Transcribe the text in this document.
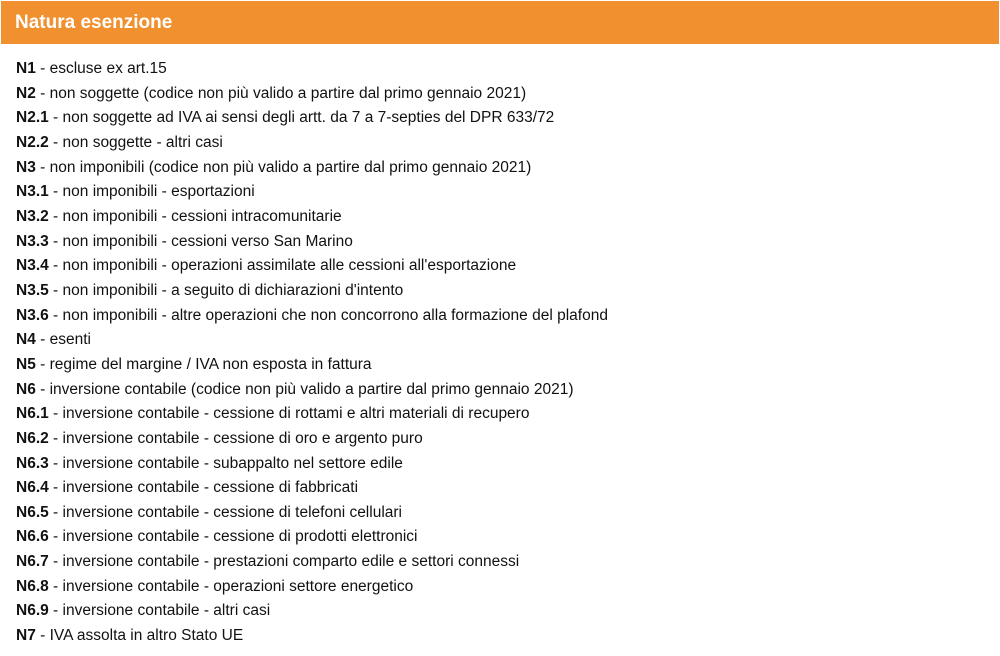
Natura esenzione
N1 - escluse ex art.15
N2 - non soggette (codice non più valido a partire dal primo gennaio 2021)
N2.1 - non soggette ad IVA ai sensi degli artt. da 7 a 7-septies del DPR 633/72
N2.2 - non soggette - altri casi
N3 - non imponibili (codice non più valido a partire dal primo gennaio 2021)
N3.1 - non imponibili - esportazioni
N3.2 - non imponibili - cessioni intracomunitarie
N3.3 - non imponibili - cessioni verso San Marino
N3.4 - non imponibili - operazioni assimilate alle cessioni all'esportazione
N3.5 - non imponibili - a seguito di dichiarazioni d'intento
N3.6 - non imponibili - altre operazioni che non concorrono alla formazione del plafond
N4 - esenti
N5 - regime del margine / IVA non esposta in fattura
N6 - inversione contabile (codice non più valido a partire dal primo gennaio 2021)
N6.1 - inversione contabile - cessione di rottami e altri materiali di recupero
N6.2 - inversione contabile - cessione di oro e argento puro
N6.3 - inversione contabile - subappalto nel settore edile
N6.4 - inversione contabile - cessione di fabbricati
N6.5 - inversione contabile - cessione di telefoni cellulari
N6.6 - inversione contabile - cessione di prodotti elettronici
N6.7 - inversione contabile - prestazioni comparto edile e settori connessi
N6.8 - inversione contabile - operazioni settore energetico
N6.9 - inversione contabile - altri casi
N7 - IVA assolta in altro Stato UE
